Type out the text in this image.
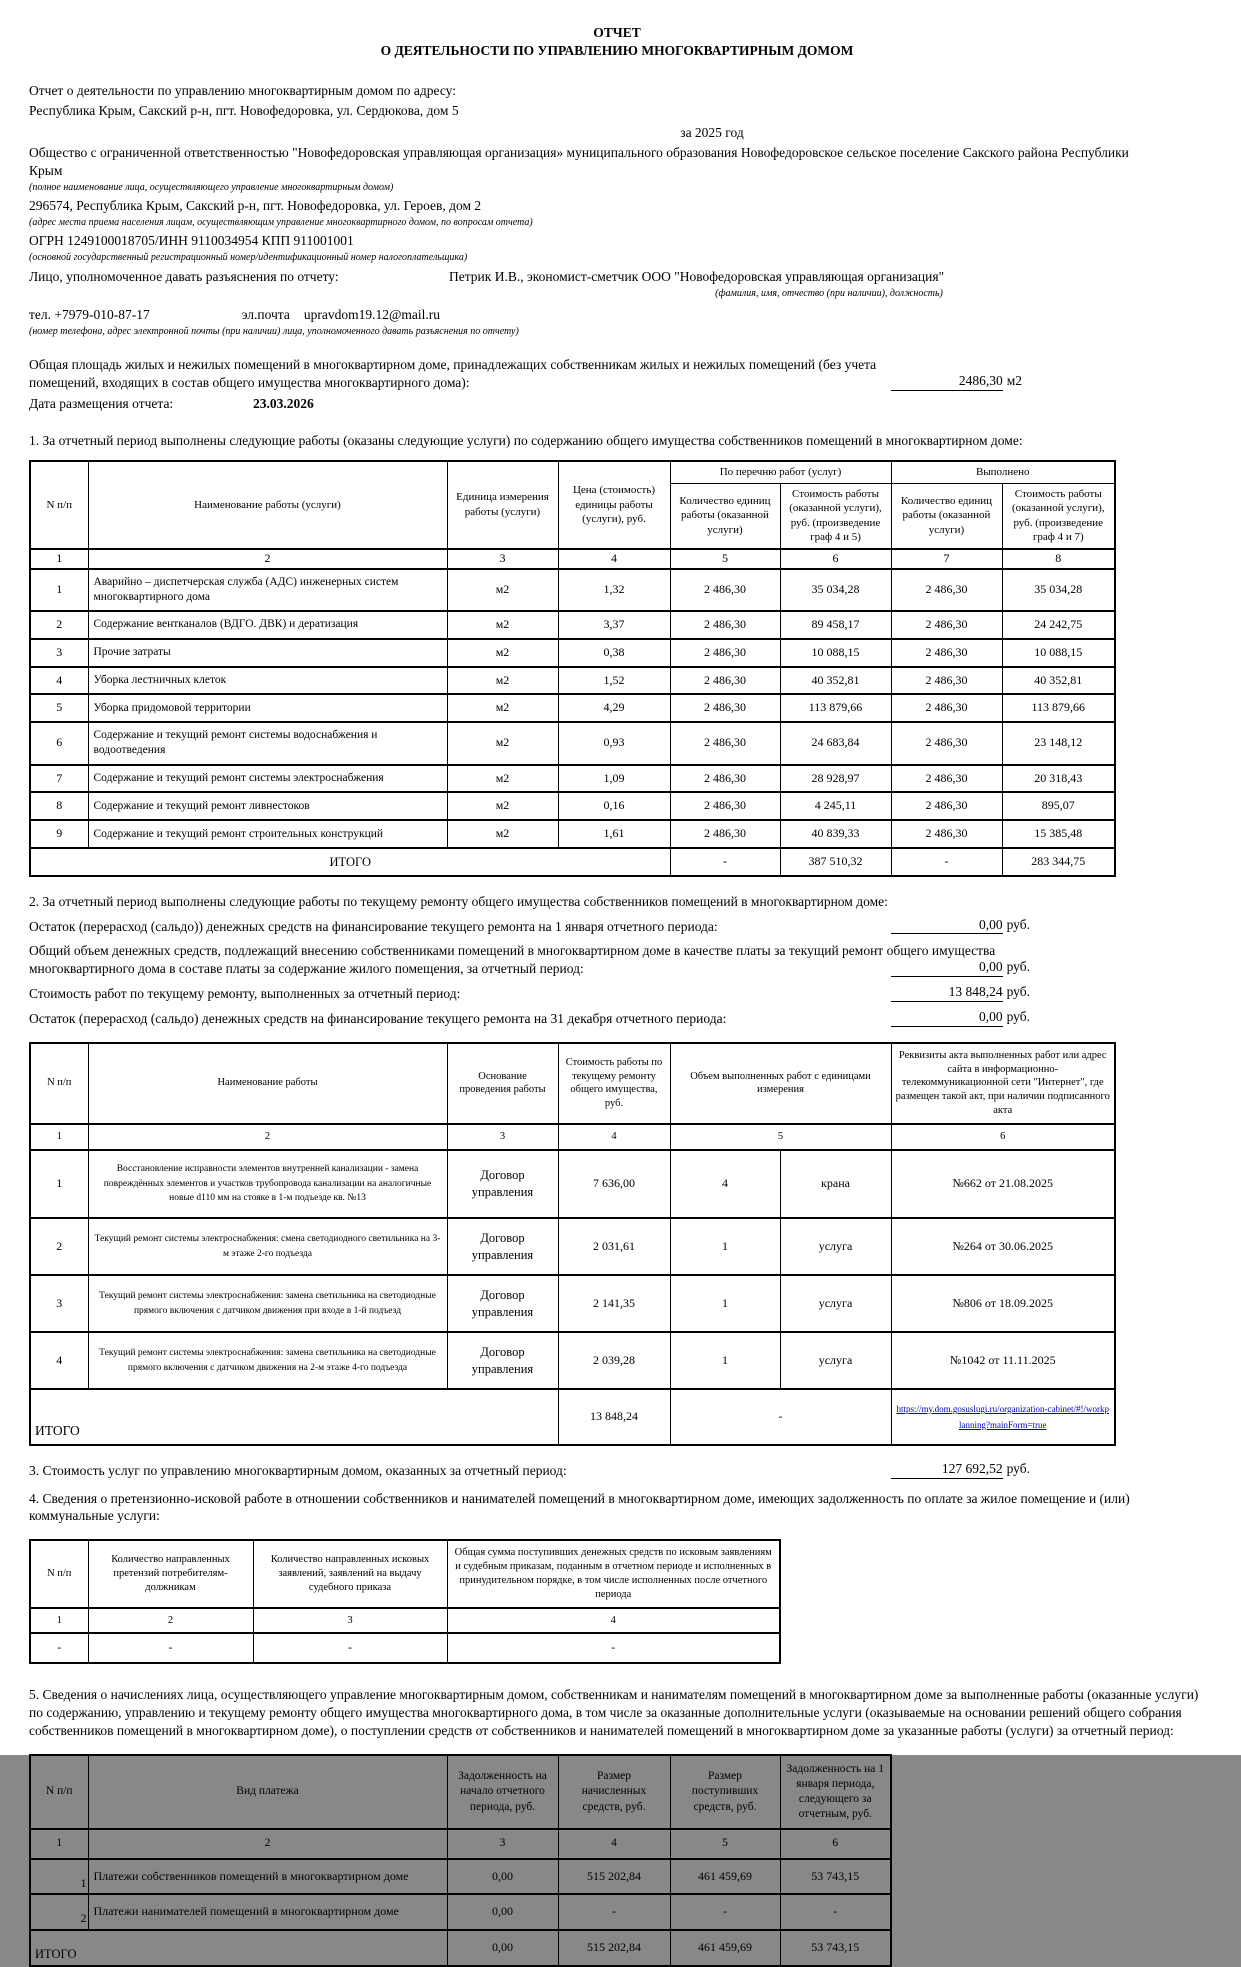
ОТЧЕТ
О ДЕЯТЕЛЬНОСТИ ПО УПРАВЛЕНИЮ МНОГОКВАРТИРНЫМ ДОМОМ

Отчет о деятельности по управлению многоквартирным домом по адресу:

Республика Крым, Сакский р-н, пгт. Новофедоровка, ул. Сердюкова, дом 5

за 2025 год

Общество с ограниченной ответственностью "Новофедоровская управляющая организация» муниципального образования Новофедоровское сельское поселение Сакского района Республики Крым

(полное наименование лица, осуществляющего управление многоквартирным домом)

296574, Республика Крым, Сакский р-н, пгт. Новофедоровка, ул. Героев, дом 2

(адрес места приема населения лицам, осуществляющим управление многоквартирного домом, по вопросам отчета)

ОГРН 1249100018705/ИНН 9110034954 КПП 911001001

(основной государственный регистрационный номер/идентификационный номер налогоплательщика)

Лицо, уполномоченное давать разъяснения по отчету:	Петрик И.В., экономист-сметчик ООО "Новофедоровская управляющая организация"

(фамилия, имя, отчество (при наличии), должность)

тел. +7979-010-87-17	эл.почта upravdom19.12@mail.ru

(номер телефона, адрес электронной почты (при наличии) лица, уполномоченного давать разъяснения по отчету)

Общая площадь жилых и нежилых помещений в многоквартирном доме, принадлежащих собственникам жилых и нежилых помещений (без учета помещений, входящих в состав общего имущества многоквартирного дома):	2486,30 м2

Дата размещения отчета:	23.03.2026

1. За отчетный период выполнены следующие работы (оказаны следующие услуги) по содержанию общего имущества собственников помещений в многоквартирном доме:

N п/п	Наименование работы (услуги)	Единица измерения работы (услуги)	Цена (стоимость) единицы работы (услуги), руб.	По перечню работ (услуг)		Выполнено	
				Количество единиц работы (оказанной услуги)	Стоимость работы (оказанной услуги), руб. (произведение граф 4 и 5)	Количество единиц работы (оказанной услуги)	Стоимость работы (оказанной услуги), руб. (произведение граф 4 и 7)
1	2	3	4	5	6	7	8
1	Аварийно – диспетчерская служба (АДС) инженерных систем многоквартирного дома	м2	1,32	2 486,30	35 034,28	2 486,30	35 034,28
2	Содержание вентканалов (ВДГО. ДВК) и дератизация	м2	3,37	2 486,30	89 458,17	2 486,30	24 242,75
3	Прочие затраты	м2	0,38	2 486,30	10 088,15	2 486,30	10 088,15
4	Уборка лестничных клеток	м2	1,52	2 486,30	40 352,81	2 486,30	40 352,81
5	Уборка придомовой территории	м2	4,29	2 486,30	113 879,66	2 486,30	113 879,66
6	Содержание и текущий ремонт системы водоснабжения и водоотведения	м2	0,93	2 486,30	24 683,84	2 486,30	23 148,12
7	Содержание и текущий ремонт системы электроснабжения	м2	1,09	2 486,30	28 928,97	2 486,30	20 318,43
8	Содержание и текущий ремонт ливнестоков	м2	0,16	2 486,30	4 245,11	2 486,30	895,07
9	Содержание и текущий ремонт строительных конструкций	м2	1,61	2 486,30	40 839,33	2 486,30	15 385,48
ИТОГО				-	387 510,32	-	283 344,75

2. За отчетный период выполнены следующие работы по текущему ремонту общего имущества собственников помещений в многоквартирном доме:

Остаток (перерасход (сальдо)) денежных средств на финансирование текущего ремонта на 1 января отчетного периода:	0,00 руб.

Общий объем денежных средств, подлежащий внесению собственниками помещений в многоквартирном доме в качестве платы за текущий ремонт общего имущества многоквартирного дома в составе платы за содержание жилого помещения, за отчетный период:	0,00 руб.

Стоимость работ по текущему ремонту, выполненных за отчетный период:	13 848,24 руб.

Остаток (перерасход (сальдо) денежных средств на финансирование текущего ремонта на 31 декабря отчетного периода:	0,00 руб.

N п/п	Наименование работы	Основание проведения работы	Стоимость работы по текущему ремонту общего имущества, руб.	Объем выполненных работ с единицами измерения		Реквизиты акта выполненных работ или адрес сайта в информационно-телекоммуникационной сети "Интернет", где размещен такой акт, при наличии подписанного акта
1	2	3	4	5		6
1	Восстановление исправности элементов внутренней канализации - замена повреждённых элементов и участков трубопровода канализации на аналогичные новые d110 мм на стояке в 1-м подъезде кв. №13	Договор управления	7 636,00	4	крана	№662 от 21.08.2025
2	Текущий ремонт системы электроснабжения: смена светодиодного светильника на 3-м этаже 2-го подъезда	Договор управления	2 031,61	1	услуга	№264 от 30.06.2025
3	Текущий ремонт системы электроснабжения: замена светильника на светодиодные прямого включения с датчиком движения при входе в 1-й подъезд	Договор управления	2 141,35	1	услуга	№806 от 18.09.2025
4	Текущий ремонт системы электроснабжения: замена светильника на светодиодные прямого включения с датчиком движения на 2-м этаже 4-го подъезда	Договор управления	2 039,28	1	услуга	№1042 от 11.11.2025
ИТОГО			13 848,24	-		https://my.dom.gosuslugi.ru/organization-cabinet/#!/workplanning?mainForm=true

3. Стоимость услуг по управлению многоквартирным домом, оказанных за отчетный период:	127 692,52 руб.

4. Сведения о претензионно-исковой работе в отношении собственников и нанимателей помещений в многоквартирном доме, имеющих задолженность по оплате за жилое помещение и (или) коммунальные услуги:

N п/п	Количество направленных претензий потребителям-должникам	Количество направленных исковых заявлений, заявлений на выдачу судебного приказа	Общая сумма поступивших денежных средств по исковым заявлениям и судебным приказам, поданным в отчетном периоде и исполненных в принудительном порядке, в том числе исполненных после отчетного периода
1	2	3	4
-	-	-	-

5. Сведения о начислениях лица, осуществляющего управление многоквартирным домом, собственникам и нанимателям помещений в многоквартирном доме за выполненные работы (оказанные услуги) по содержанию, управлению и текущему ремонту общего имущества многоквартирного дома, в том числе за оказанные дополнительные услуги (оказываемые на основании решений общего собрания собственников помещений в многоквартирном доме), о поступлении средств от собственников и нанимателей помещений в многоквартирном доме за указанные работы (услуги) за отчетный период:

N п/п	Вид платежа	Задолженность на начало отчетного периода, руб.	Размер начисленных средств, руб.	Размер поступивших средств, руб.	Задолженность на 1 января периода, следующего за отчетным, руб.
1	2	3	4	5	6
1	Платежи собственников помещений в многоквартирном доме	0,00	515 202,84	461 459,69	53 743,15
2	Платежи нанимателей помещений в многоквартирном доме	0,00	-	-	-
ИТОГО		0,00	515 202,84	461 459,69	53 743,15
